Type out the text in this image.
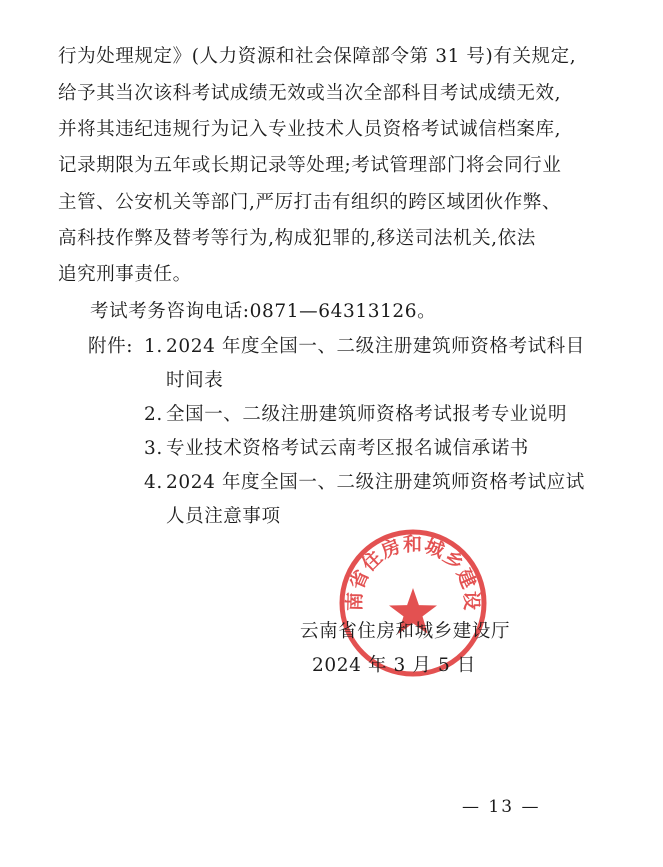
行为处理规定》(人力资源和社会保障部令第 31 号)有关规定,
给予其当次该科考试成绩无效或当次全部科目考试成绩无效,
并将其违纪违规行为记入专业技术人员资格考试诚信档案库,
记录期限为五年或长期记录等处理;考试管理部门将会同行业
主管、公安机关等部门,严厉打击有组织的跨区域团伙作弊、
高科技作弊及替考等行为,构成犯罪的,移送司法机关,依法
追究刑事责任。
考试考务咨询电话:0871—64313126。
附件: 1. 2024 年度全国一、二级注册建筑师资格考试科目
时间表
2. 全国一、二级注册建筑师资格考试报考专业说明
3. 专业技术资格考试云南考区报名诚信承诺书
4. 2024 年度全国一、二级注册建筑师资格考试应试
人员注意事项
南省住房和城乡建设
云南省住房和城乡建设厅
2024 年 3 月 5 日
— 13 —
